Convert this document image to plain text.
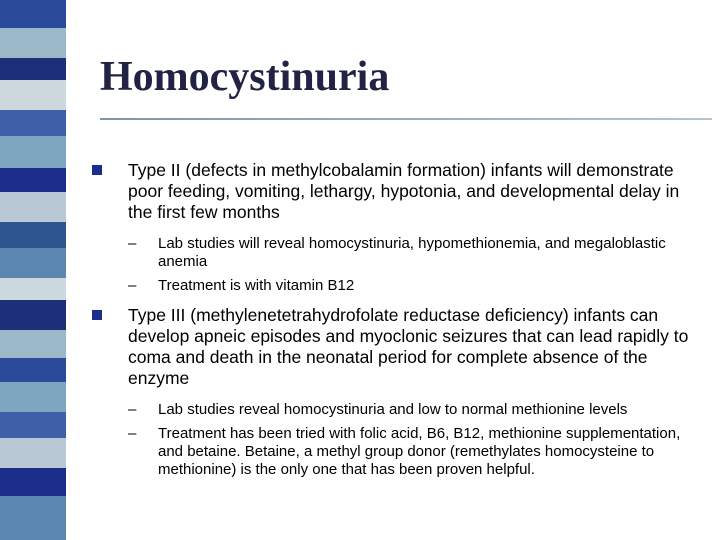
Homocystinuria
Type II (defects in methylcobalamin formation) infants will demonstrate poor feeding, vomiting, lethargy, hypotonia, and developmental delay in the first few months
– Lab studies will reveal homocystinuria, hypomethionemia, and megaloblastic anemia
– Treatment is with vitamin B12
Type III (methylenetetrahydrofolate reductase deficiency) infants can develop apneic episodes and myoclonic seizures that can lead rapidly to coma and death in the neonatal period for complete absence of the enzyme
– Lab studies reveal homocystinuria and low to normal methionine levels
– Treatment has been tried with folic acid, B6, B12, methionine supplementation, and betaine. Betaine, a methyl group donor (remethylates homocysteine to methionine) is the only one that has been proven helpful.
